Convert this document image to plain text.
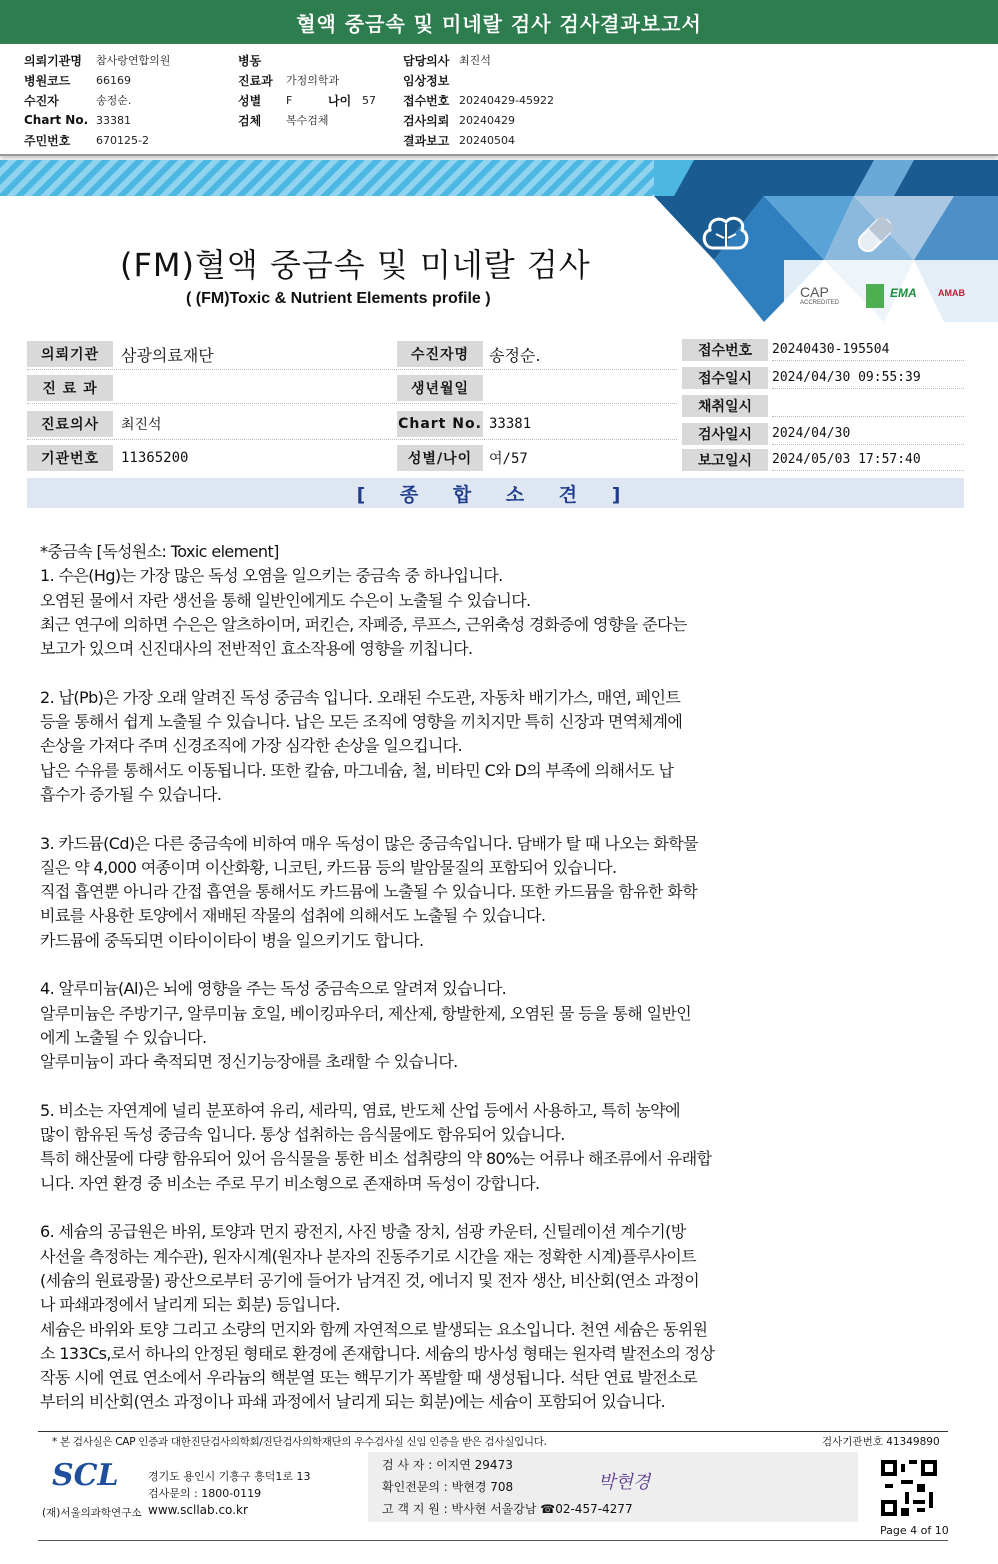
혈액 중금속 및 미네랄 검사 검사결과보고서
의뢰기관명	참사랑연합의원
병원코드	66169
수진자	송정순.
Chart No. 33381
주민번호	670125-2
병동
진료과	가정의학과
성별	F	나이 57
검체	복수검체
담당의사 최진석
임상정보
접수번호 20240429-45922
검사의뢰 20240429
결과보고 20240504
CAP
ACCREDITED
EMA AMAB
(FM)혈액 중금속 및 미네랄 검사
( (FM)Toxic & Nutrient Elements profile )
의뢰기관	삼광의료재단	수진자명	송정순.
진 료 과	생년월일
진료의사	최진석	Chart No. 33381
기관번호	11365200	성별/나이	여/57
접수번호	20240430-195504
접수일시	2024/04/30 09:55:39
채취일시
검사일시	2024/04/30
보고일시	2024/05/03 17:57:40
[ 종 합 소 견 ]

*중금속 [독성원소: Toxic element]

1. 수은(Hg)는 가장 많은 독성 오염을 일으키는 중금속 중 하나입니다.

오염된 물에서 자란 생선을 통해 일반인에게도 수은이 노출될 수 있습니다.

최근 연구에 의하면 수은은 알츠하이머, 퍼킨슨, 자폐증, 루프스, 근위축성 경화증에 영향을 준다는

보고가 있으며 신진대사의 전반적인 효소작용에 영향을 끼칩니다.

2. 납(Pb)은 가장 오래 알려진 독성 중금속 입니다. 오래된 수도관, 자동차 배기가스, 매연, 페인트

등을 통해서 쉽게 노출될 수 있습니다. 납은 모든 조직에 영향을 끼치지만 특히 신장과 면역체계에

손상을 가져다 주며 신경조직에 가장 심각한 손상을 일으킵니다.

납은 수유를 통해서도 이동됩니다. 또한 칼슘, 마그네슘, 철, 비타민 C와 D의 부족에 의해서도 납

흡수가 증가될 수 있습니다.

3. 카드뮴(Cd)은 다른 중금속에 비하여 매우 독성이 많은 중금속입니다. 담배가 탈 때 나오는 화학물

질은 약 4,000 여종이며 이산화황, 니코틴, 카드뮴 등의 발암물질의 포함되어 있습니다.

직접 흡연뿐 아니라 간접 흡연을 통해서도 카드뮴에 노출될 수 있습니다. 또한 카드뮴을 함유한 화학

비료를 사용한 토양에서 재배된 작물의 섭취에 의해서도 노출될 수 있습니다.

카드뮴에 중독되면 이타이이타이 병을 일으키기도 합니다.

4. 알루미늄(Al)은 뇌에 영향을 주는 독성 중금속으로 알려져 있습니다.

알루미늄은 주방기구, 알루미늄 호일, 베이킹파우더, 제산제, 항발한제, 오염된 물 등을 통해 일반인

에게 노출될 수 있습니다.

알루미늄이 과다 축적되면 정신기능장애를 초래할 수 있습니다.

5. 비소는 자연계에 널리 분포하여 유리, 세라믹, 염료, 반도체 산업 등에서 사용하고, 특히 농약에

많이 함유된 독성 중금속 입니다. 통상 섭취하는 음식물에도 함유되어 있습니다.

특히 해산물에 다량 함유되어 있어 음식물을 통한 비소 섭취량의 약 80%는 어류나 해조류에서 유래합

니다. 자연 환경 중 비소는 주로 무기 비소형으로 존재하며 독성이 강합니다.

6. 세슘의 공급원은 바위, 토양과 먼지 광전지, 사진 방출 장치, 섬광 카운터, 신틸레이션 계수기(방

사선을 측정하는 계수관), 원자시계(원자나 분자의 진동주기로 시간을 재는 정확한 시계)플루사이트

(세슘의 원료광물) 광산으로부터 공기에 들어가 남겨진 것, 에너지 및 전자 생산, 비산회(연소 과정이

나 파쇄과정에서 날리게 되는 회분) 등입니다.

세슘은 바위와 토양 그리고 소량의 먼지와 함께 자연적으로 발생되는 요소입니다. 천연 세슘은 동위원

소 133Cs,로서 하나의 안정된 형태로 환경에 존재합니다. 세슘의 방사성 형태는 원자력 발전소의 정상

작동 시에 연료 연소에서 우라늄의 핵분열 또는 핵무기가 폭발할 때 생성됩니다. 석탄 연료 발전소로

부터의 비산회(연소 과정이나 파쇄 과정에서 날리게 되는 회분)에는 세슘이 포함되어 있습니다.

* 본 검사실은 CAP 인증과 대한진단검사의학회/진단검사의학재단의 우수검사실 신임 인증을 받은 검사실입니다.	검사기관번호 41349890
SCL
(재)서울의과학연구소
경기도 용인시 기흥구 흥덕1로 13
검사문의 : 1800-0119
www.scllab.co.kr
검 사 자 : 이지연 29473
확인전문의 : 박현경 708
고 객 지 원 : 박사현 서울강남 ☎02-457-4277
박현경
Page 4 of 10
